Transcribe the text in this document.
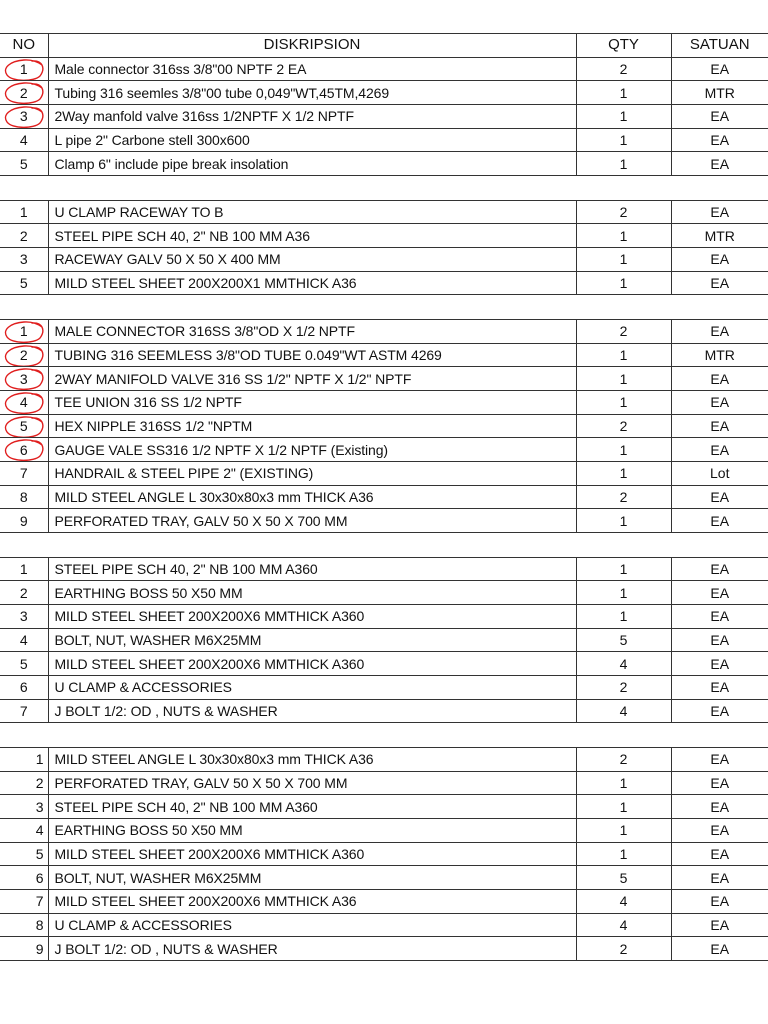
NO	DISKRIPSION	QTY	SATUAN
1	Male connector 316ss 3/8"00 NPTF 2 EA	2	EA
2	Tubing 316 seemles 3/8"00 tube 0,049"WT,45TM,4269	1	MTR
3	2Way manfold valve 316ss 1/2NPTF X 1/2 NPTF	1	EA
4	L pipe 2" Carbone stell 300x600	1	EA
5	Clamp 6" include pipe break insolation	1	EA

1	U CLAMP RACEWAY TO B	2	EA
2	STEEL PIPE SCH 40, 2" NB 100 MM A36	1	MTR
3	RACEWAY GALV 50 X 50 X 400 MM	1	EA
5	MILD STEEL SHEET 200X200X1 MMTHICK A36	1	EA

1	MALE CONNECTOR 316SS 3/8"OD X 1/2 NPTF	2	EA
2	TUBING 316 SEEMLESS 3/8"OD TUBE 0.049"WT ASTM 4269	1	MTR
3	2WAY MANIFOLD VALVE 316 SS 1/2" NPTF X 1/2" NPTF	1	EA
4	TEE UNION 316 SS 1/2 NPTF	1	EA
5	HEX NIPPLE 316SS 1/2 "NPTM	2	EA
6	GAUGE VALE SS316 1/2 NPTF X 1/2 NPTF (Existing)	1	EA
7	HANDRAIL & STEEL PIPE 2" (EXISTING)	1	Lot
8	MILD STEEL ANGLE L 30x30x80x3 mm THICK A36	2	EA
9	PERFORATED TRAY, GALV 50 X 50 X 700 MM	1	EA

1	STEEL PIPE SCH 40, 2" NB 100 MM A360	1	EA
2	EARTHING BOSS 50 X50 MM	1	EA
3	MILD STEEL SHEET 200X200X6 MMTHICK A360	1	EA
4	BOLT, NUT, WASHER M6X25MM	5	EA
5	MILD STEEL SHEET 200X200X6 MMTHICK A360	4	EA
6	U CLAMP & ACCESSORIES	2	EA
7	J BOLT 1/2: OD , NUTS & WASHER	4	EA

1	MILD STEEL ANGLE L 30x30x80x3 mm THICK A36	2	EA
2	PERFORATED TRAY, GALV 50 X 50 X 700 MM	1	EA
3	STEEL PIPE SCH 40, 2" NB 100 MM A360	1	EA
4	EARTHING BOSS 50 X50 MM	1	EA
5	MILD STEEL SHEET 200X200X6 MMTHICK A360	1	EA
6	BOLT, NUT, WASHER M6X25MM	5	EA
7	MILD STEEL SHEET 200X200X6 MMTHICK A36	4	EA
8	U CLAMP & ACCESSORIES	4	EA
9	J BOLT 1/2: OD , NUTS & WASHER	2	EA
